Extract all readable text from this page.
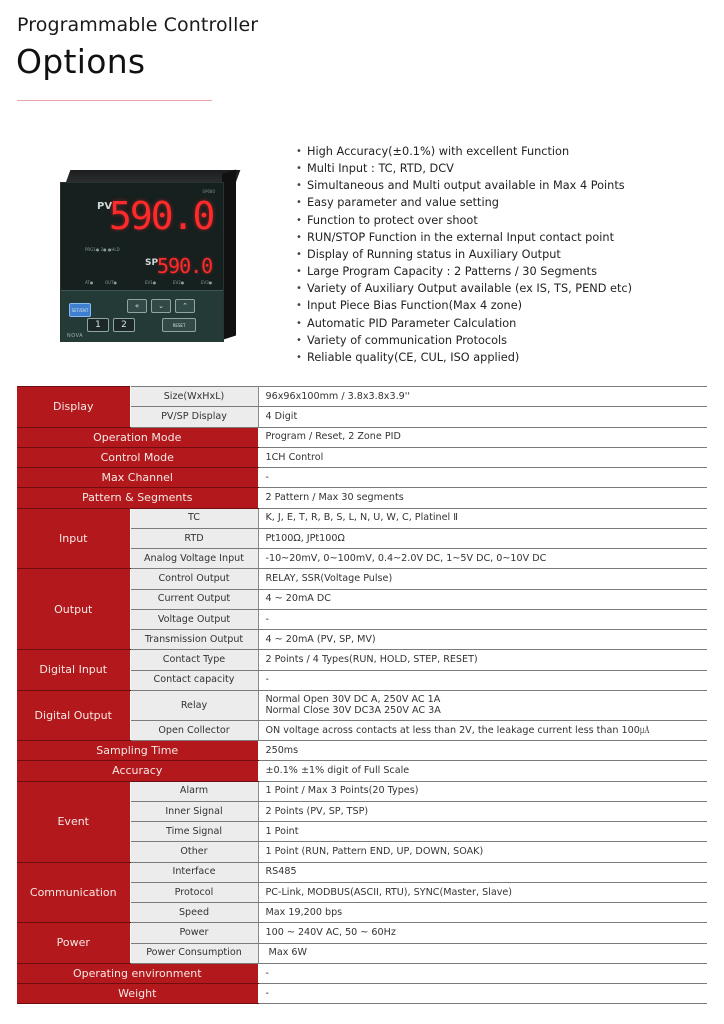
Programmable Controller
Options
SP680
PV
590.0
PRG1● 2● ●HLD
SP
590.0
AT●	OUT●	EV1●	EV2●	EV3●
SET/ENT	«	⌄	⌃
1	2	RESET
NOVA
• High Accuracy(±0.1%) with excellent Function
• Multi Input : TC, RTD, DCV
• Simultaneous and Multi output available in Max 4 Points
• Easy parameter and value setting
• Function to protect over shoot
• RUN/STOP Function in the external Input contact point
• Display of Running status in Auxiliary Output
• Large Program Capacity : 2 Patterns / 30 Segments
• Variety of Auxiliary Output available (ex IS, TS, PEND etc)
• Input Piece Bias Function(Max 4 zone)
• Automatic PID Parameter Calculation
• Variety of communication Protocols
• Reliable quality(CE, CUL, ISO applied)
Display	Size(WxHxL)	96x96x100mm / 3.8x3.8x3.9''
	PV/SP Display	4 Digit
Operation Mode		Program / Reset, 2 Zone PID
Control Mode		1CH Control
Max Channel		-
Pattern & Segments		2 Pattern / Max 30 segments
Input	TC	K, J, E, T, R, B, S, L, N, U, W, C, Platinel Ⅱ
	RTD	Pt100Ω, JPt100Ω
	Analog Voltage Input	-10~20mV, 0~100mV, 0.4~2.0V DC, 1~5V DC, 0~10V DC
Output	Control Output	RELAY, SSR(Voltage Pulse)
	Current Output	4 ~ 20mA DC
	Voltage Output	-
	Transmission Output	4 ~ 20mA (PV, SP, MV)
Digital Input	Contact Type	2 Points / 4 Types(RUN, HOLD, STEP, RESET)
	Contact capacity	-
Digital Output	Relay	Normal Open 30V DC A, 250V AC 1A
Normal Close 30V DC3A 250V AC 3A

	Open Collector	ON voltage across contacts at less than 2V, the leakage current less than 100㎂
Sampling Time		250ms
Accuracy		±0.1% ±1% digit of Full Scale
Event	Alarm	1 Point / Max 3 Points(20 Types)
	Inner Signal	2 Points (PV, SP, TSP)
	Time Signal	1 Point
	Other	1 Point (RUN, Pattern END, UP, DOWN, SOAK)
Communication	Interface	RS485
	Protocol	PC-Link, MODBUS(ASCII, RTU), SYNC(Master, Slave)
	Speed	Max 19,200 bps
Power	Power	100 ~ 240V AC, 50 ~ 60Hz
	Power Consumption	Max 6W
Operating environment		-
Weight		-
